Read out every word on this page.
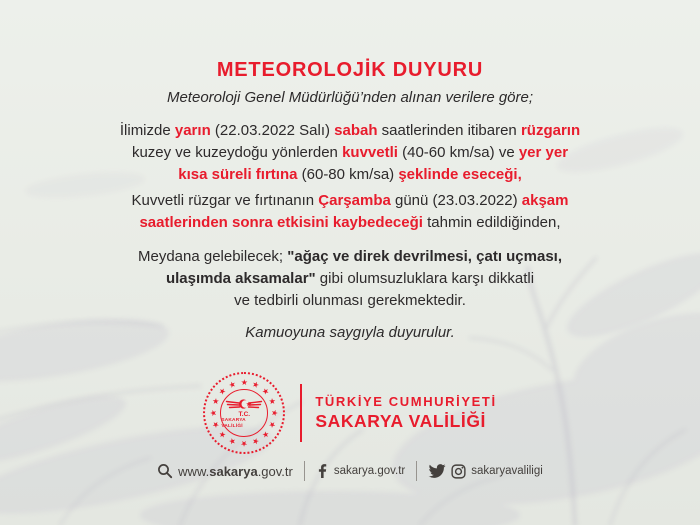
METEOROLOJİK DUYURU
Meteoroloji Genel Müdürlüğü’nden alınan verilere göre;
İlimizde yarın (22.03.2022 Salı) sabah saatlerinden itibaren rüzgarın
kuzey ve kuzeydoğu yönlerden kuvvetli (40-60 km/sa) ve yer yer
kısa süreli fırtına (60-80 km/sa) şeklinde eseceği,
Kuvvetli rüzgar ve fırtınanın Çarşamba günü (23.03.2022) akşam
saatlerinden sonra etkisini kaybedeceği tahmin edildiğinden,
Meydana gelebilecek; "ağaç ve direk devrilmesi, çatı uçması,
ulaşımda aksamalar" gibi olumsuzluklara karşı dikkatli
ve tedbirli olunması gerekmektedir.
Kamuoyuna saygıyla duyurulur.
★ ★
★
★
★
★
★
★
★
★
★
★
★
★
★
★
T.C.
SAKARYA VALİLİĞİ
TÜRKİYE CUMHURİYETİ
SAKARYA VALİLİĞİ
www.sakarya.gov.tr	sakarya.gov.tr	sakaryavaliligi
